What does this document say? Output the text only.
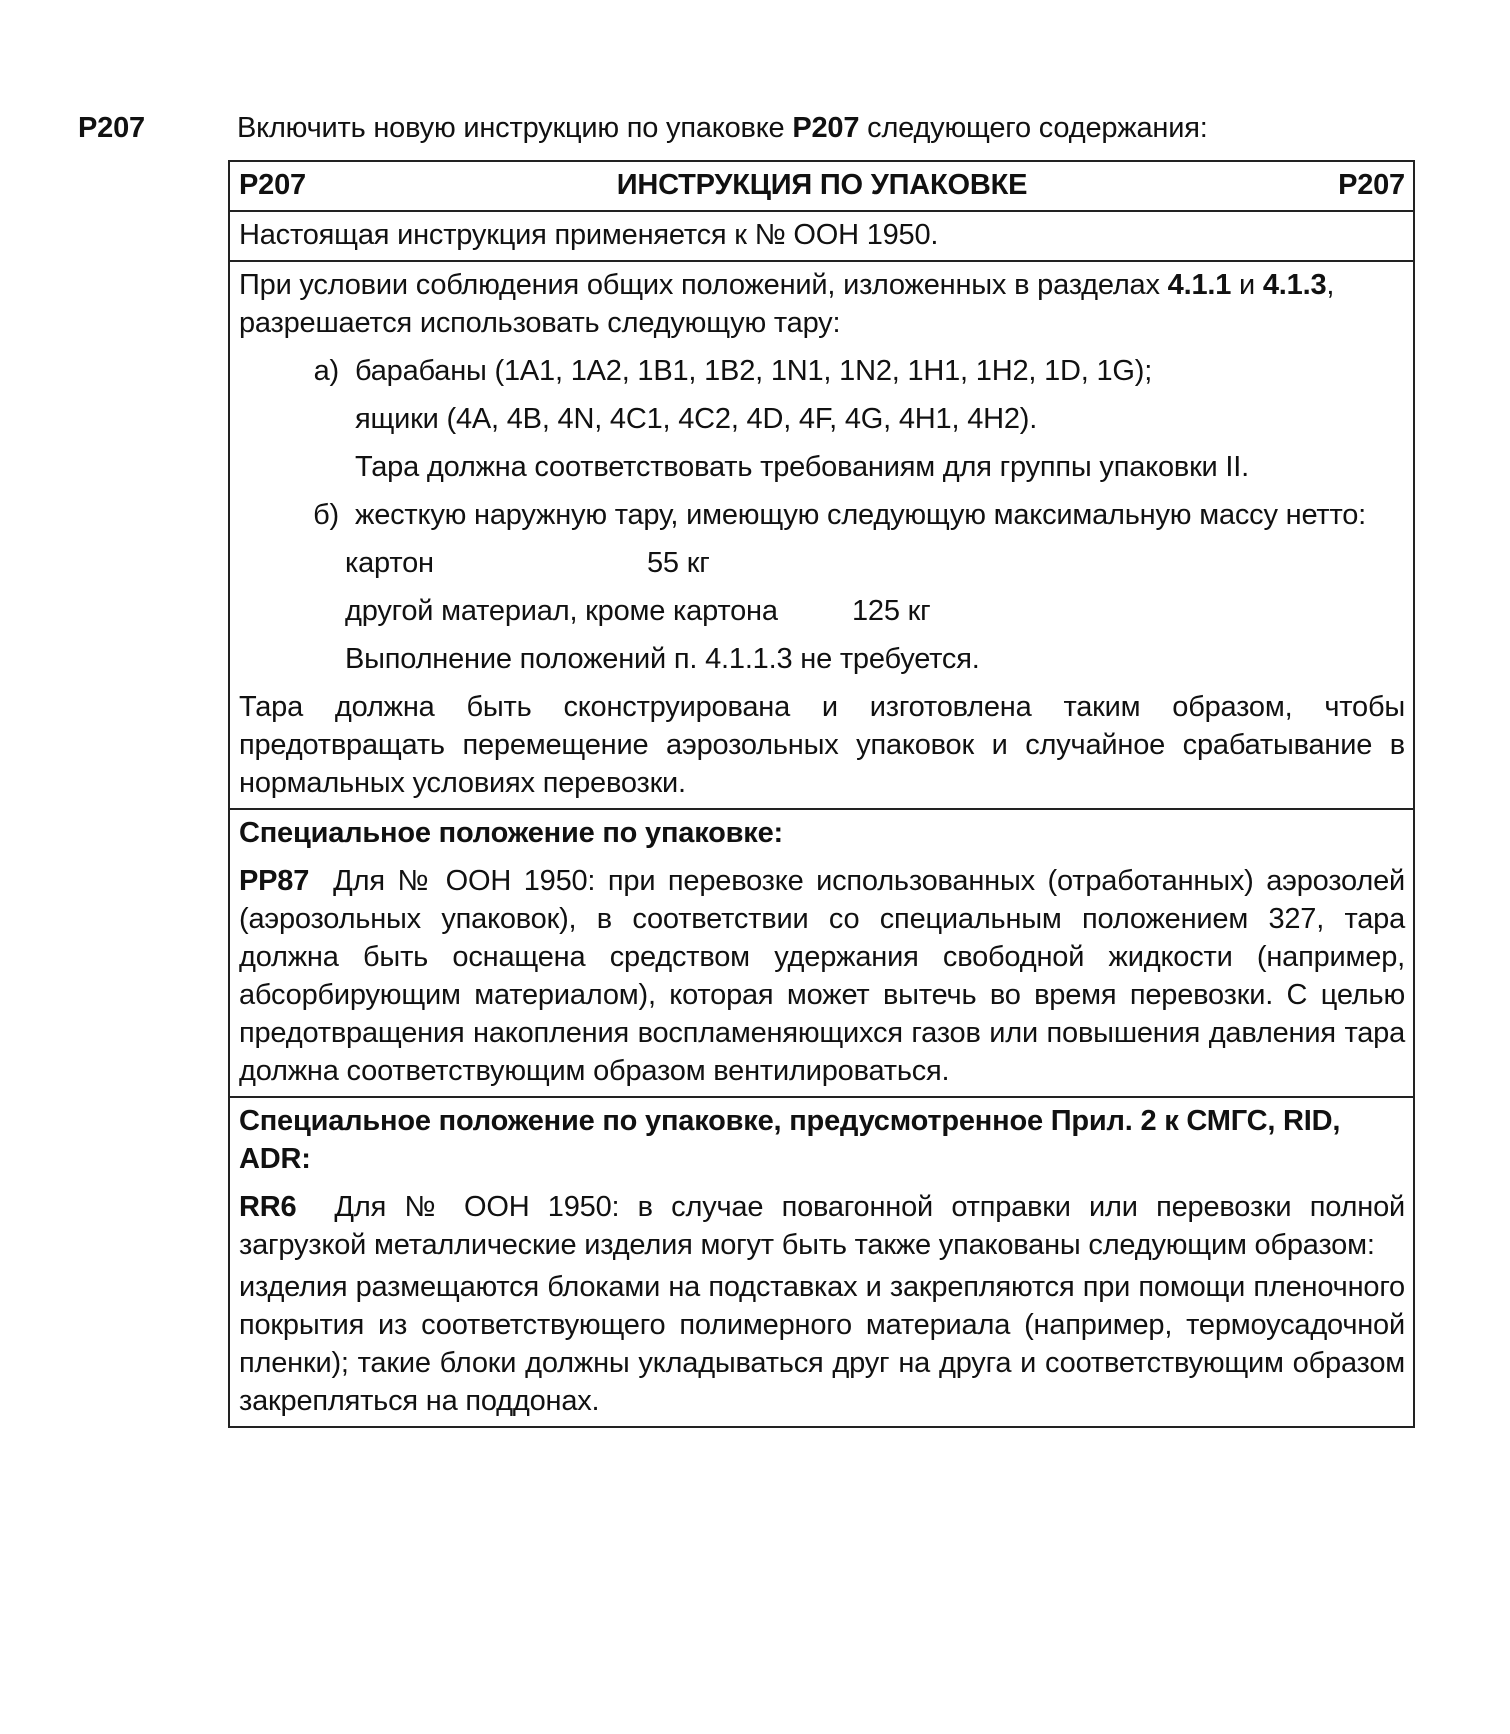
P207	Включить новую инструкцию по упаковке P207 следующего содержания:
P207	ИНСТРУКЦИЯ ПО УПАКОВКЕ	P207

Настоящая инструкция применяется к № ООН 1950.

При условии соблюдения общих положений, изложенных в разделах 4.1.1 и 4.1.3, разрешается использовать следующую тару:

а) барабаны (1A1, 1A2, 1B1, 1B2, 1N1, 1N2, 1H1, 1H2, 1D, 1G);
ящики (4A, 4B, 4N, 4C1, 4C2, 4D, 4F, 4G, 4H1, 4H2).
Тара должна соответствовать требованиям для группы упаковки II.
б) жесткую наружную тару, имеющую следующую максимальную массу нетто:
картон	55 кг
другой материал, кроме картона	125 кг
Выполнение положений п. 4.1.1.3 не требуется.

Тара должна быть сконструирована и изготовлена таким образом, чтобы предотвращать перемещение аэрозольных упаковок и случайное срабатывание в нормальных условиях перевозки.

Специальное положение по упаковке:

PP87 Для № ООН 1950: при перевозке использованных (отработанных) аэрозолей (аэрозольных упаковок), в соответствии со специальным положением 327, тара должна быть оснащена средством удержания свободной жидкости (например, абсорбирующим материалом), которая может вытечь во время перевозки. С целью предотвращения накопления воспламеняющихся газов или повышения давления тара должна соответствующим образом вентилироваться.

Специальное положение по упаковке, предусмотренное Прил. 2 к СМГС, RID, ADR:

RR6 Для № ООН 1950: в случае повагонной отправки или перевозки полной загрузкой металлические изделия могут быть также упакованы следующим образом:

изделия размещаются блоками на подставках и закрепляются при помощи пленочного покрытия из соответствующего полимерного материала (например, термоусадочной пленки); такие блоки должны укладываться друг на друга и соответствующим образом закрепляться на поддонах.
